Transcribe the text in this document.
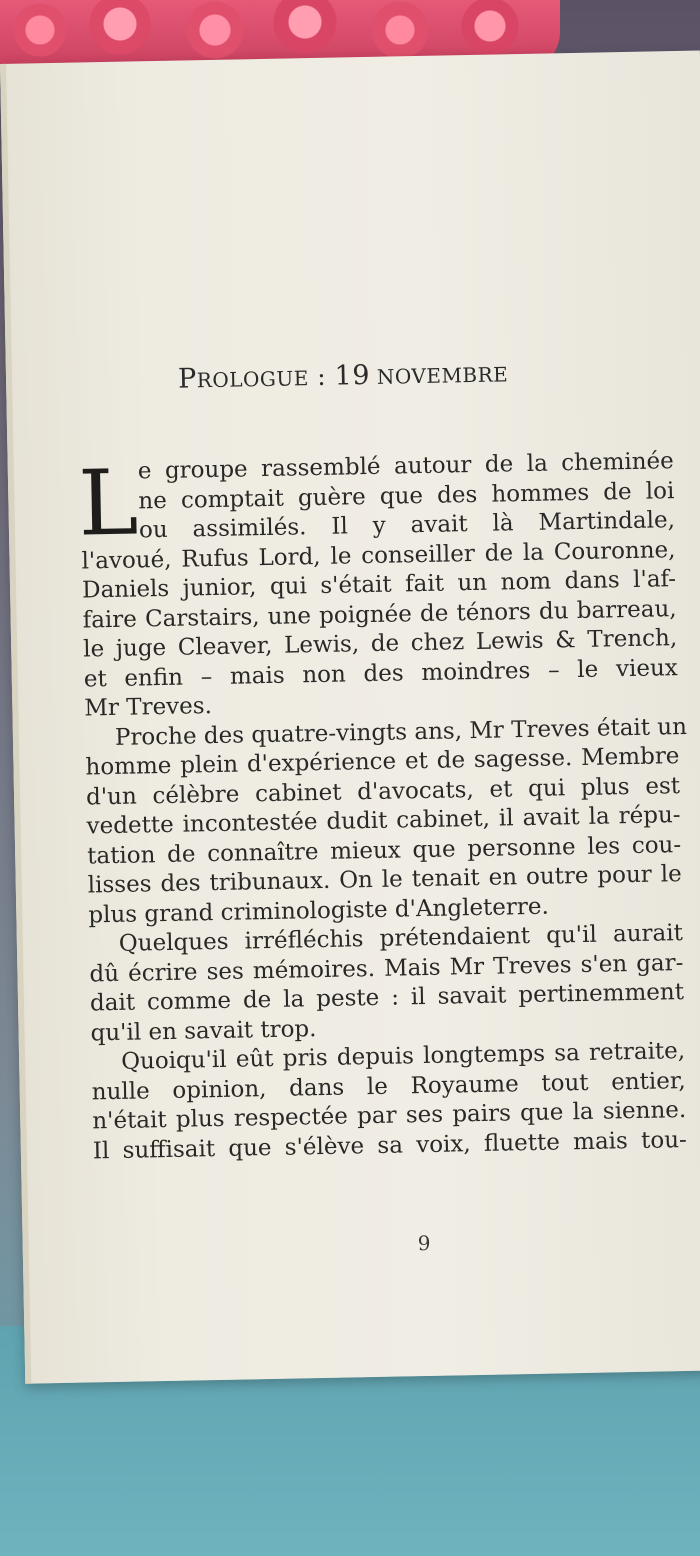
PROLOGUE : 19 NOVEMBRE
L
e groupe rassemblé autour de la cheminée
ne comptait guère que des hommes de loi
ou assimilés. Il y avait là Martindale,
l'avoué, Rufus Lord, le conseiller de la Couronne,
Daniels junior, qui s'était fait un nom dans l'af-
faire Carstairs, une poignée de ténors du barreau,
le juge Cleaver, Lewis, de chez Lewis & Trench,
et enfin – mais non des moindres – le vieux
Mr Treves.
Proche des quatre-vingts ans, Mr Treves était un
homme plein d'expérience et de sagesse. Membre
d'un célèbre cabinet d'avocats, et qui plus est
vedette incontestée dudit cabinet, il avait la répu-
tation de connaître mieux que personne les cou-
lisses des tribunaux. On le tenait en outre pour le
plus grand criminologiste d'Angleterre.
Quelques irréfléchis prétendaient qu'il aurait
dû écrire ses mémoires. Mais Mr Treves s'en gar-
dait comme de la peste : il savait pertinemment
qu'il en savait trop.
Quoiqu'il eût pris depuis longtemps sa retraite,
nulle opinion, dans le Royaume tout entier,
n'était plus respectée par ses pairs que la sienne.
Il suffisait que s'élève sa voix, fluette mais tou-
9
